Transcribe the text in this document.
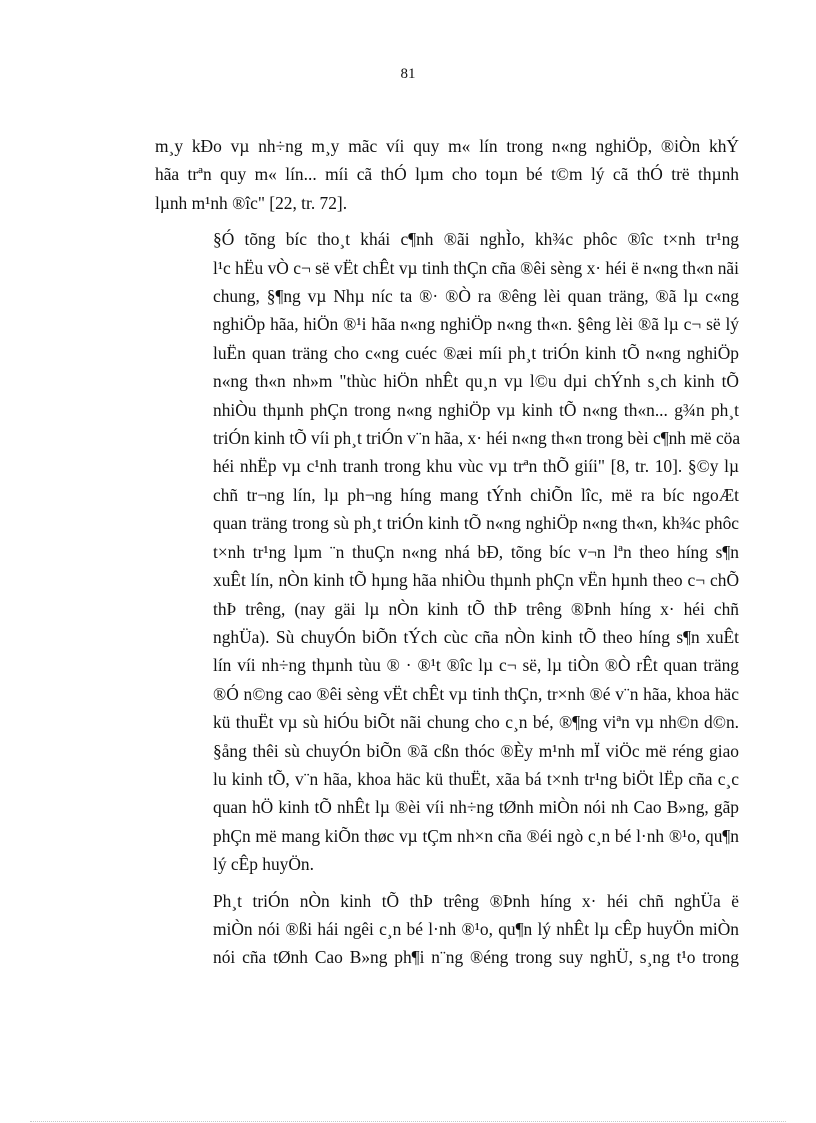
81

m¸y kÐo vµ nh÷ng m¸y mãc víi quy m« lín trong n«ng nghiÖp, ®iÒn khÝ
hãa trªn quy m« lín... míi cã thÓ lµm cho toµn bé t©m lý cã thÓ trë thµnh
lµnh m¹nh ®îc" [22, tr. 72].

§Ó tõng bíc tho¸t khái c¶nh ®ãi nghÌo, kh¾c phôc ®îc t×nh tr¹ng
l¹c hËu vÒ c¬ së vËt chÊt vµ tinh thÇn cña ®êi sèng x· héi ë n«ng th«n nãi
chung, §¶ng vµ Nhµ níc ta ®· ®Ò ra ®êng lèi quan träng, ®ã lµ c«ng
nghiÖp hãa, hiÖn ®¹i hãa n«ng nghiÖp n«ng th«n. §êng lèi ®ã lµ c¬ së lý
luËn quan träng cho c«ng cuéc ®æi míi ph¸t triÓn kinh tÕ n«ng nghiÖp
n«ng th«n nh»m "thùc hiÖn nhÊt qu¸n vµ l©u dµi chÝnh s¸ch kinh tÕ
nhiÒu thµnh phÇn trong n«ng nghiÖp vµ kinh tÕ n«ng th«n... g¾n ph¸t
triÓn kinh tÕ víi ph¸t triÓn v¨n hãa, x· héi n«ng th«n trong bèi c¶nh më cöa
héi nhËp vµ c¹nh tranh trong khu vùc vµ trªn thÕ giíi" [8, tr. 10]. §©y lµ
chñ tr¬ng lín, lµ ph¬ng híng mang tÝnh chiÕn lîc, më ra bíc ngoÆt
quan träng trong sù ph¸t triÓn kinh tÕ n«ng nghiÖp n«ng th«n, kh¾c phôc
t×nh tr¹ng lµm ¨n thuÇn n«ng nhá bÐ, tõng bíc v¬n lªn theo híng s¶n
xuÊt lín, nÒn kinh tÕ hµng hãa nhiÒu thµnh phÇn vËn hµnh theo c¬ chÕ
thÞ trêng, (nay gäi lµ nÒn kinh tÕ thÞ trêng ®Þnh híng x· héi chñ
nghÜa). Sù chuyÓn biÕn tÝch cùc cña nÒn kinh tÕ theo híng s¶n xuÊt
lín víi nh÷ng thµnh tùu ® · ®¹t ®îc lµ c¬ së, lµ tiÒn ®Ò rÊt quan träng
®Ó n©ng cao ®êi sèng vËt chÊt vµ tinh thÇn, tr×nh ®é v¨n hãa, khoa häc
kü thuËt vµ sù hiÓu biÕt nãi chung cho c¸n bé, ®¶ng viªn vµ nh©n d©n.
§ång thêi sù chuyÓn biÕn ®ã cßn thóc ®Èy m¹nh mÏ viÖc më réng giao
lu kinh tÕ, v¨n hãa, khoa häc kü thuËt, xãa bá t×nh tr¹ng biÖt lËp cña c¸c
quan hÖ kinh tÕ nhÊt lµ ®èi víi nh÷ng tØnh miÒn nói nh Cao B»ng, gãp
phÇn më mang kiÕn thøc vµ tÇm nh×n cña ®éi ngò c¸n bé l·nh ®¹o, qu¶n
lý cÊp huyÖn.

Ph¸t triÓn nÒn kinh tÕ thÞ trêng ®Þnh híng x· héi chñ nghÜa ë
miÒn nói ®ßi hái ngêi c¸n bé l·nh ®¹o, qu¶n lý nhÊt lµ cÊp huyÖn miÒn
nói cña tØnh Cao B»ng ph¶i n¨ng ®éng trong suy nghÜ, s¸ng t¹o trong
